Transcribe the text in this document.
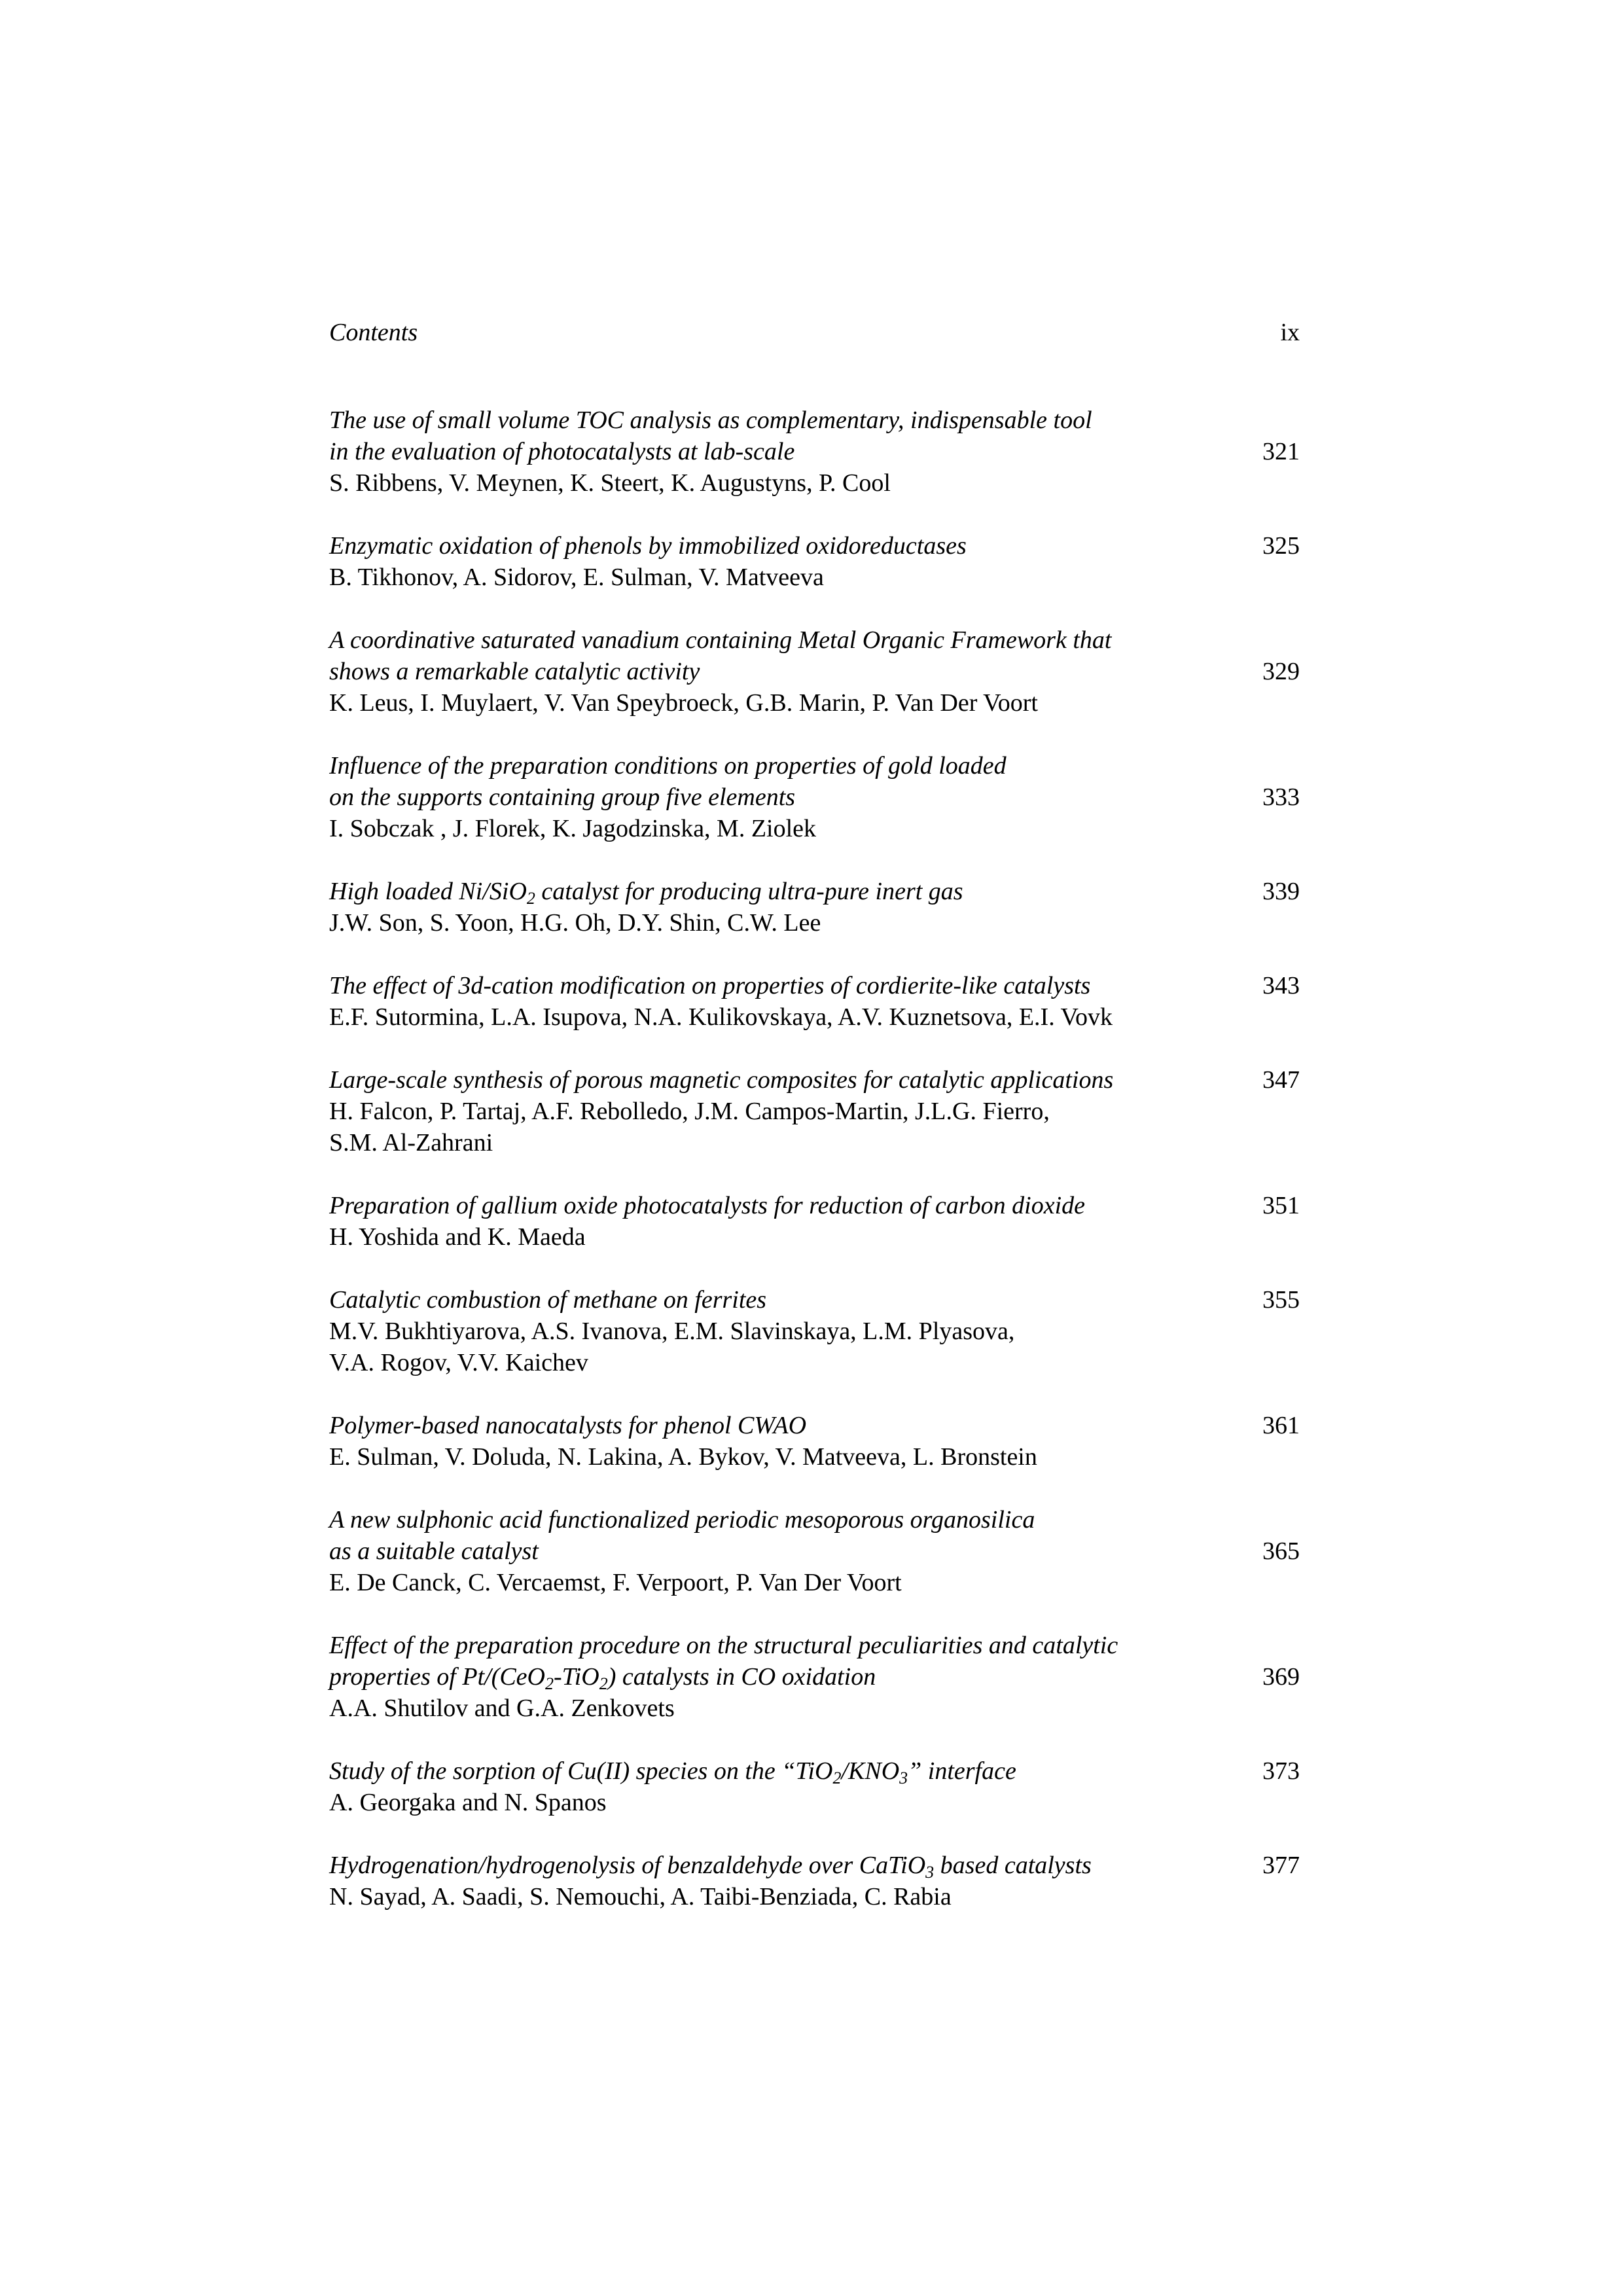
Contents	ix
The use of small volume TOC analysis as complementary, indispensable tool
in the evaluation of photocatalysts at lab-scale
S. Ribbens, V. Meynen, K. Steert, K. Augustyns, P. Cool
321
Enzymatic oxidation of phenols by immobilized oxidoreductases
B. Tikhonov, A. Sidorov, E. Sulman, V. Matveeva
325
A coordinative saturated vanadium containing Metal Organic Framework that
shows a remarkable catalytic activity
K. Leus, I. Muylaert, V. Van Speybroeck, G.B. Marin, P. Van Der Voort
329
Influence of the preparation conditions on properties of gold loaded
on the supports containing group five elements
I. Sobczak , J. Florek, K. Jagodzinska, M. Ziolek
333
High loaded Ni/SiO$_2$ catalyst for producing ultra-pure inert gas
J.W. Son, S. Yoon, H.G. Oh, D.Y. Shin, C.W. Lee
339
The effect of 3d-cation modification on properties of cordierite-like catalysts
E.F. Sutormina, L.A. Isupova, N.A. Kulikovskaya, A.V. Kuznetsova, E.I. Vovk
343
Large-scale synthesis of porous magnetic composites for catalytic applications
H. Falcon, P. Tartaj, A.F. Rebolledo, J.M. Campos-Martin, J.L.G. Fierro,
S.M. Al-Zahrani
347
Preparation of gallium oxide photocatalysts for reduction of carbon dioxide
H. Yoshida and K. Maeda
351
Catalytic combustion of methane on ferrites
M.V. Bukhtiyarova, A.S. Ivanova, E.M. Slavinskaya, L.M. Plyasova,
V.A. Rogov, V.V. Kaichev
355
Polymer-based nanocatalysts for phenol CWAO
E. Sulman, V. Doluda, N. Lakina, A. Bykov, V. Matveeva, L. Bronstein
361
A new sulphonic acid functionalized periodic mesoporous organosilica
as a suitable catalyst
E. De Canck, C. Vercaemst, F. Verpoort, P. Van Der Voort
365
Effect of the preparation procedure on the structural peculiarities and catalytic
properties of Pt/(CeO$_2$-TiO$_2$) catalysts in CO oxidation
A.A. Shutilov and G.A. Zenkovets
369
Study of the sorption of Cu(II) species on the “$TiO_2/KNO_3$” interface
A. Georgaka and N. Spanos
373
Hydrogenation/hydrogenolysis of benzaldehyde over CaTiO$_3$ based catalysts
N. Sayad, A. Saadi, S. Nemouchi, A. Taibi-Benziada, C. Rabia
377
